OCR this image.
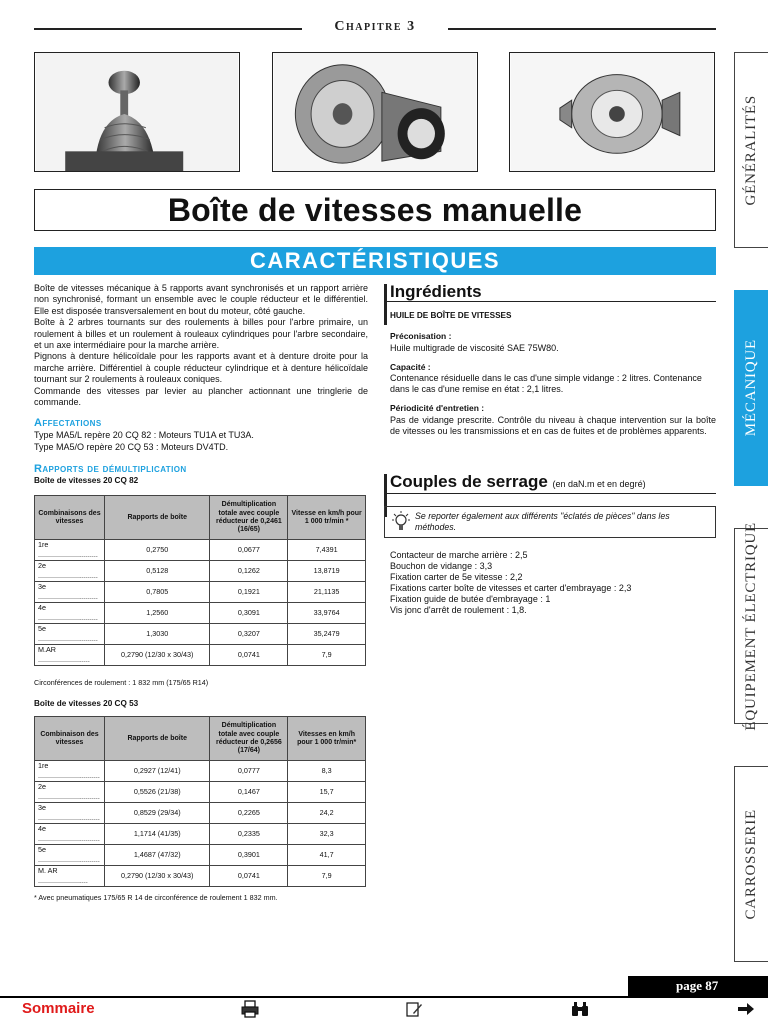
Chapitre 3
Boîte de vitesses manuelle
CARACTÉRISTIQUES
GÉNÉRALITÉS
MÉCANIQUE
ÉQUIPEMENT ÉLECTRIQUE
CARROSSERIE

Boîte de vitesses mécanique à 5 rapports avant synchronisés et un rapport arrière non synchronisé, formant un ensemble avec le couple réducteur et le différentiel. Elle est disposée transversalement en bout du moteur, côté gauche.

Boîte à 2 arbres tournants sur des roulements à billes pour l'arbre primaire, un roulement à billes et un roulement à rouleaux cylindriques pour l'arbre secondaire, et un axe intermédiaire pour la marche arrière.

Pignons à denture hélicoïdale pour les rapports avant et à denture droite pour la marche arrière. Différentiel à couple réducteur cylindrique et à denture hélicoïdale tournant sur 2 roulements à rouleaux coniques.

Commande des vitesses par levier au plancher actionnant une tringlerie de commande.

Affectations

Type MA5/L repère 20 CQ 82 : Moteurs TU1A et TU3A.

Type MA5/O repère 20 CQ 53 : Moteurs DV4TD.

Rapports de démultiplication
Boîte de vitesses 20 CQ 82
Combinaisons des vitesses	Rapports de boîte	Démultiplication totale avec couple réducteur de 0,2461 (16/65)	Vitesse en km/h pour 1 000 tr/min *
1re ..............................	0,2750	0,0677	7,4391
2e ..............................	0,5128	0,1262	13,8719
3e ..............................	0,7805	0,1921	21,1135
4e ..............................	1,2560	0,3091	33,9764
5e ..............................	1,3030	0,3207	35,2479
M.AR ..........................	0,2790 (12/30 x 30/43)	0,0741	7,9
Circonférences de roulement : 1 832 mm (175/65 R14)
Boîte de vitesses 20 CQ 53
Combinaison des vitesses	Rapports de boîte	Démultiplication totale avec couple réducteur de 0,2656 (17/64)	Vitesses en km/h pour 1 000 tr/min*
1re ...............................	0,2927 (12/41)	0,0777	8,3
2e ...............................	0,5526 (21/38)	0,1467	15,7
3e ...............................	0,8529 (29/34)	0,2265	24,2
4e ...............................	1,1714 (41/35)	0,2335	32,3
5e ...............................	1,4687 (47/32)	0,3901	41,7
M. AR .........................	0,2790 (12/30 x 30/43)	0,0741	7,9
* Avec pneumatiques 175/65 R 14 de circonférence de roulement 1 832 mm.
Ingrédients
HUILE DE BOÎTE DE VITESSES
Préconisation :
Huile multigrade de viscosité SAE 75W80.
Capacité :
Contenance résiduelle dans le cas d'une simple vidange : 2 litres. Contenance dans le cas d'une remise en état : 2,1 litres.
Périodicité d'entretien :
Pas de vidange prescrite. Contrôle du niveau à chaque intervention sur la boîte de vitesses ou les transmissions et en cas de fuites et de problèmes apparents.
Couples de serrage (en daN.m et en degré)
Se reporter également aux différents "éclatés de pièces" dans les méthodes.
Contacteur de marche arrière : 2,5
Bouchon de vidange : 3,3
Fixation carter de 5e vitesse : 2,2
Fixations carter boîte de vitesses et carter d'embrayage : 2,3
Fixation guide de butée d'embrayage : 1
Vis jonc d'arrêt de roulement : 1,8.
page 87
Sommaire
